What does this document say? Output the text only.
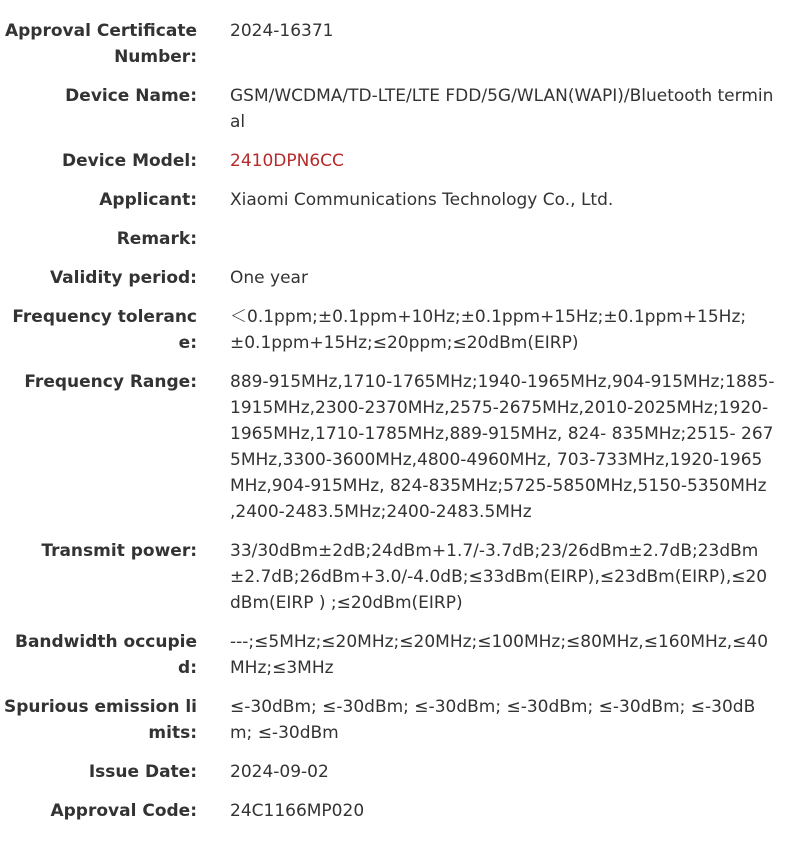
Approval Certificate Number:
2024-16371
Device Name: GSM/WCDMA/TD-LTE/LTE FDD/5G/WLAN(WAPI)/Bluetooth terminal
Device Model: 2410DPN6CC
Applicant: Xiaomi Communications Technology Co., Ltd.
Remark:
Validity period: One year
Frequency tolerance:
＜0.1ppm;±0.1ppm+10Hz;±0.1ppm+15Hz;±0.1ppm+15Hz;±0.1ppm+15Hz;≤20ppm;≤20dBm(EIRP)
Frequency Range: 889-915MHz,1710-1765MHz;1940-1965MHz,904-915MHz;1885-1915MHz,2300-2370MHz,2575-2675MHz,2010-2025MHz;1920-1965MHz,1710-1785MHz,889-915MHz, 824- 835MHz;2515- 2675MHz,3300-3600MHz,4800-4960MHz, 703-733MHz,1920-1965MHz,904-915MHz, 824-835MHz;5725-5850MHz,5150-5350MHz ,2400-2483.5MHz;2400-2483.5MHz
Transmit power: 33/30dBm±2dB;24dBm+1.7/-3.7dB;23/26dBm±2.7dB;23dBm±2.7dB;26dBm+3.0/-4.0dB;≤33dBm(EIRP),≤23dBm(EIRP),≤20dBm(EIRP ) ;≤20dBm(EIRP)
Bandwidth occupied:
---;≤5MHz;≤20MHz;≤20MHz;≤100MHz;≤80MHz,≤160MHz,≤40MHz;≤3MHz
Spurious emission limits:
≤-30dBm; ≤-30dBm; ≤-30dBm; ≤-30dBm; ≤-30dBm; ≤-30dBm; ≤-30dBm
Issue Date: 2024-09-02
Approval Code: 24C1166MP020
